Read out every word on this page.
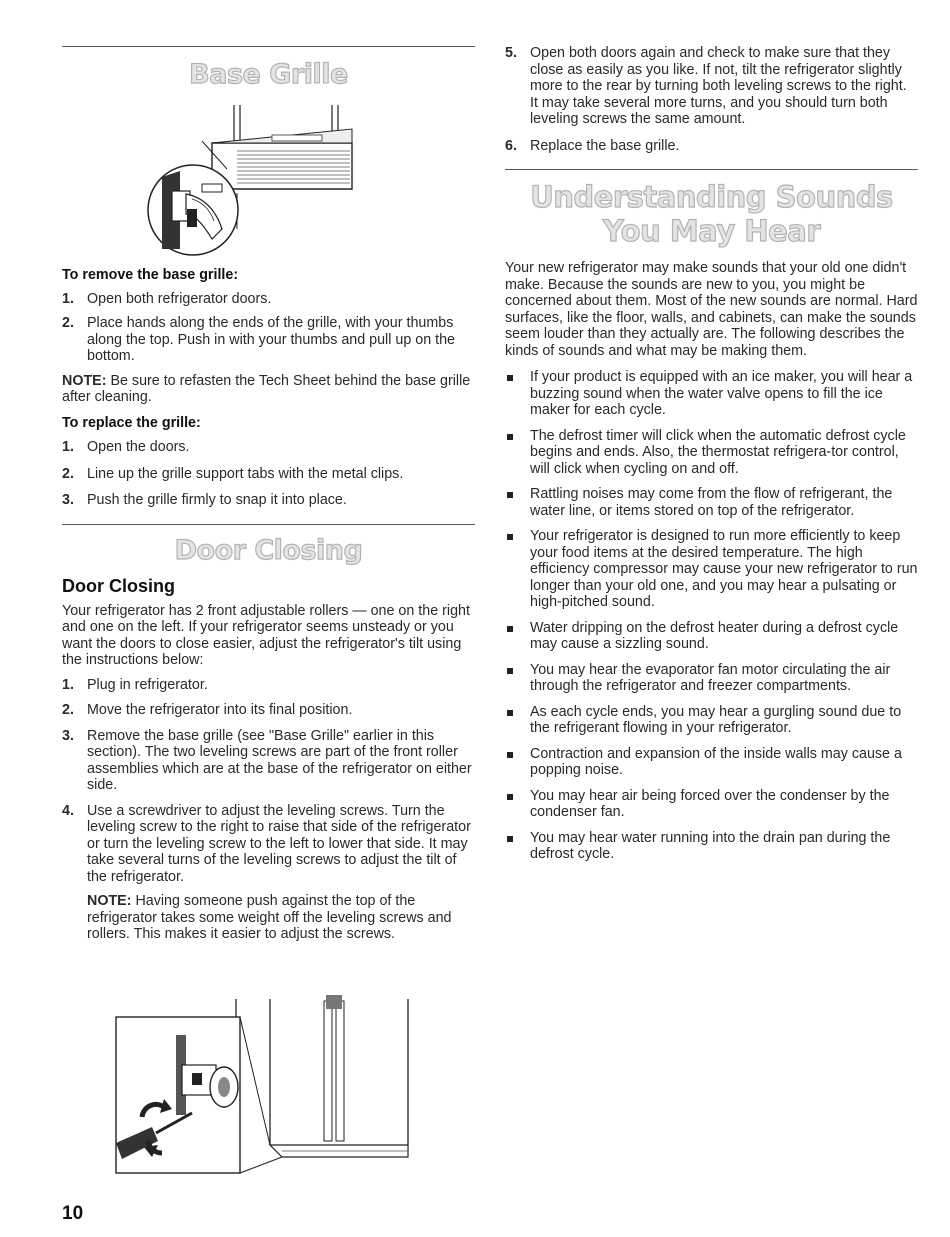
Base Grille

To remove the base grille:

1. Open both refrigerator doors.
2. Place hands along the ends of the grille, with your thumbs along the top. Push in with your thumbs and pull up on the bottom.

NOTE: Be sure to refasten the Tech Sheet behind the base grille after cleaning.

To replace the grille:

1. Open the doors.
2. Line up the grille support tabs with the metal clips.
3. Push the grille firmly to snap it into place.
Door Closing

Door Closing

Your refrigerator has 2 front adjustable rollers — one on the right and one on the left. If your refrigerator seems unsteady or you want the doors to close easier, adjust the refrigerator's tilt using the instructions below:

1. Plug in refrigerator.
2. Move the refrigerator into its final position.
3. Remove the base grille (see "Base Grille" earlier in this section). The two leveling screws are part of the front roller assemblies which are at the base of the refrigerator on either side.
4. Use a screwdriver to adjust the leveling screws. Turn the leveling screw to the right to raise that side of the refrigerator or turn the leveling screw to the left to lower that side. It may take several turns of the leveling screws to adjust the tilt of the refrigerator.
NOTE: Having someone push against the top of the refrigerator takes some weight off the leveling screws and rollers. This makes it easier to adjust the screws.
5. Open both doors again and check to make sure that they close as easily as you like. If not, tilt the refrigerator slightly more to the rear by turning both leveling screws to the right. It may take several more turns, and you should turn both leveling screws the same amount.
6. Replace the base grille.
Understanding Sounds
You May Hear

Your new refrigerator may make sounds that your old one didn't make. Because the sounds are new to you, you might be concerned about them. Most of the new sounds are normal. Hard surfaces, like the floor, walls, and cabinets, can make the sounds seem louder than they actually are. The following describes the kinds of sounds and what may be making them.

If your product is equipped with an ice maker, you will hear a buzzing sound when the water valve opens to fill the ice maker for each cycle.
The defrost timer will click when the automatic defrost cycle begins and ends. Also, the thermostat refrigera-tor control, will click when cycling on and off.
Rattling noises may come from the flow of refrigerant, the water line, or items stored on top of the refrigerator.
Your refrigerator is designed to run more efficiently to keep your food items at the desired temperature. The high efficiency compressor may cause your new refrigerator to run longer than your old one, and you may hear a pulsating or high-pitched sound.
Water dripping on the defrost heater during a defrost cycle may cause a sizzling sound.
You may hear the evaporator fan motor circulating the air through the refrigerator and freezer compartments.
As each cycle ends, you may hear a gurgling sound due to the refrigerant flowing in your refrigerator.
Contraction and expansion of the inside walls may cause a popping noise.
You may hear air being forced over the condenser by the condenser fan.
You may hear water running into the drain pan during the defrost cycle.
10
